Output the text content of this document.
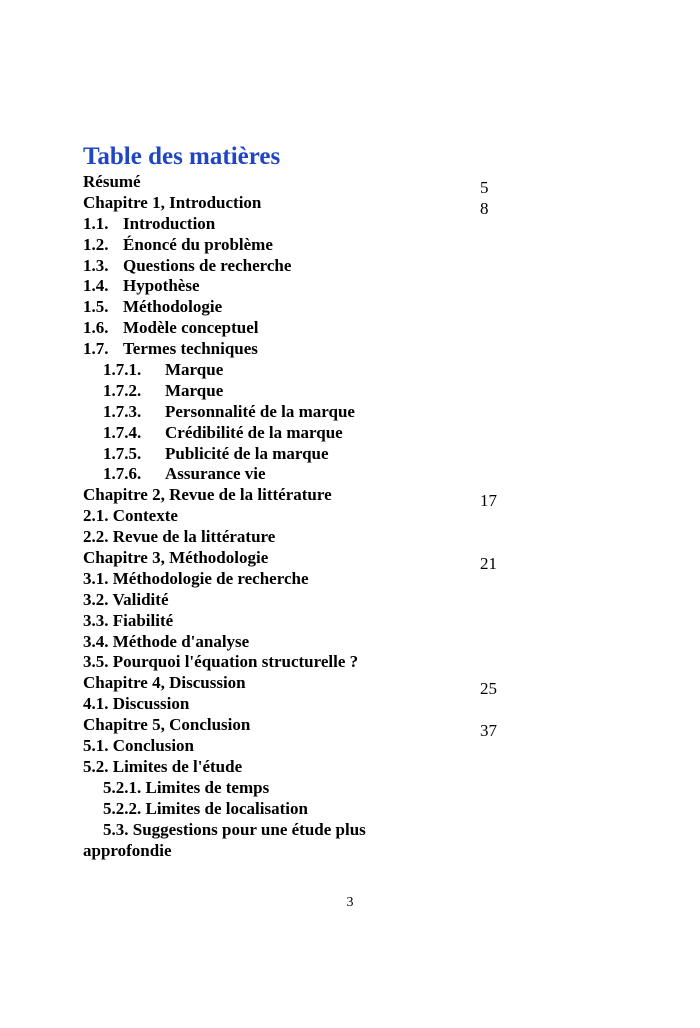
Table des matières
Résumé	5
Chapitre 1, Introduction	8
1.1. Introduction
1.2. Énoncé du problème
1.3. Questions de recherche
1.4. Hypothèse
1.5. Méthodologie
1.6. Modèle conceptuel
1.7. Termes techniques
1.7.1. Marque
1.7.2. Marque
1.7.3. Personnalité de la marque
1.7.4. Crédibilité de la marque
1.7.5. Publicité de la marque
1.7.6. Assurance vie
Chapitre 2, Revue de la littérature	17
2.1. Contexte
2.2. Revue de la littérature
Chapitre 3, Méthodologie	21
3.1. Méthodologie de recherche
3.2. Validité
3.3. Fiabilité
3.4. Méthode d'analyse
3.5. Pourquoi l'équation structurelle ?
Chapitre 4, Discussion	25
4.1. Discussion
Chapitre 5, Conclusion	37
5.1. Conclusion
5.2. Limites de l'étude
5.2.1. Limites de temps
5.2.2. Limites de localisation
5.3. Suggestions pour une étude plus approfondie
3
